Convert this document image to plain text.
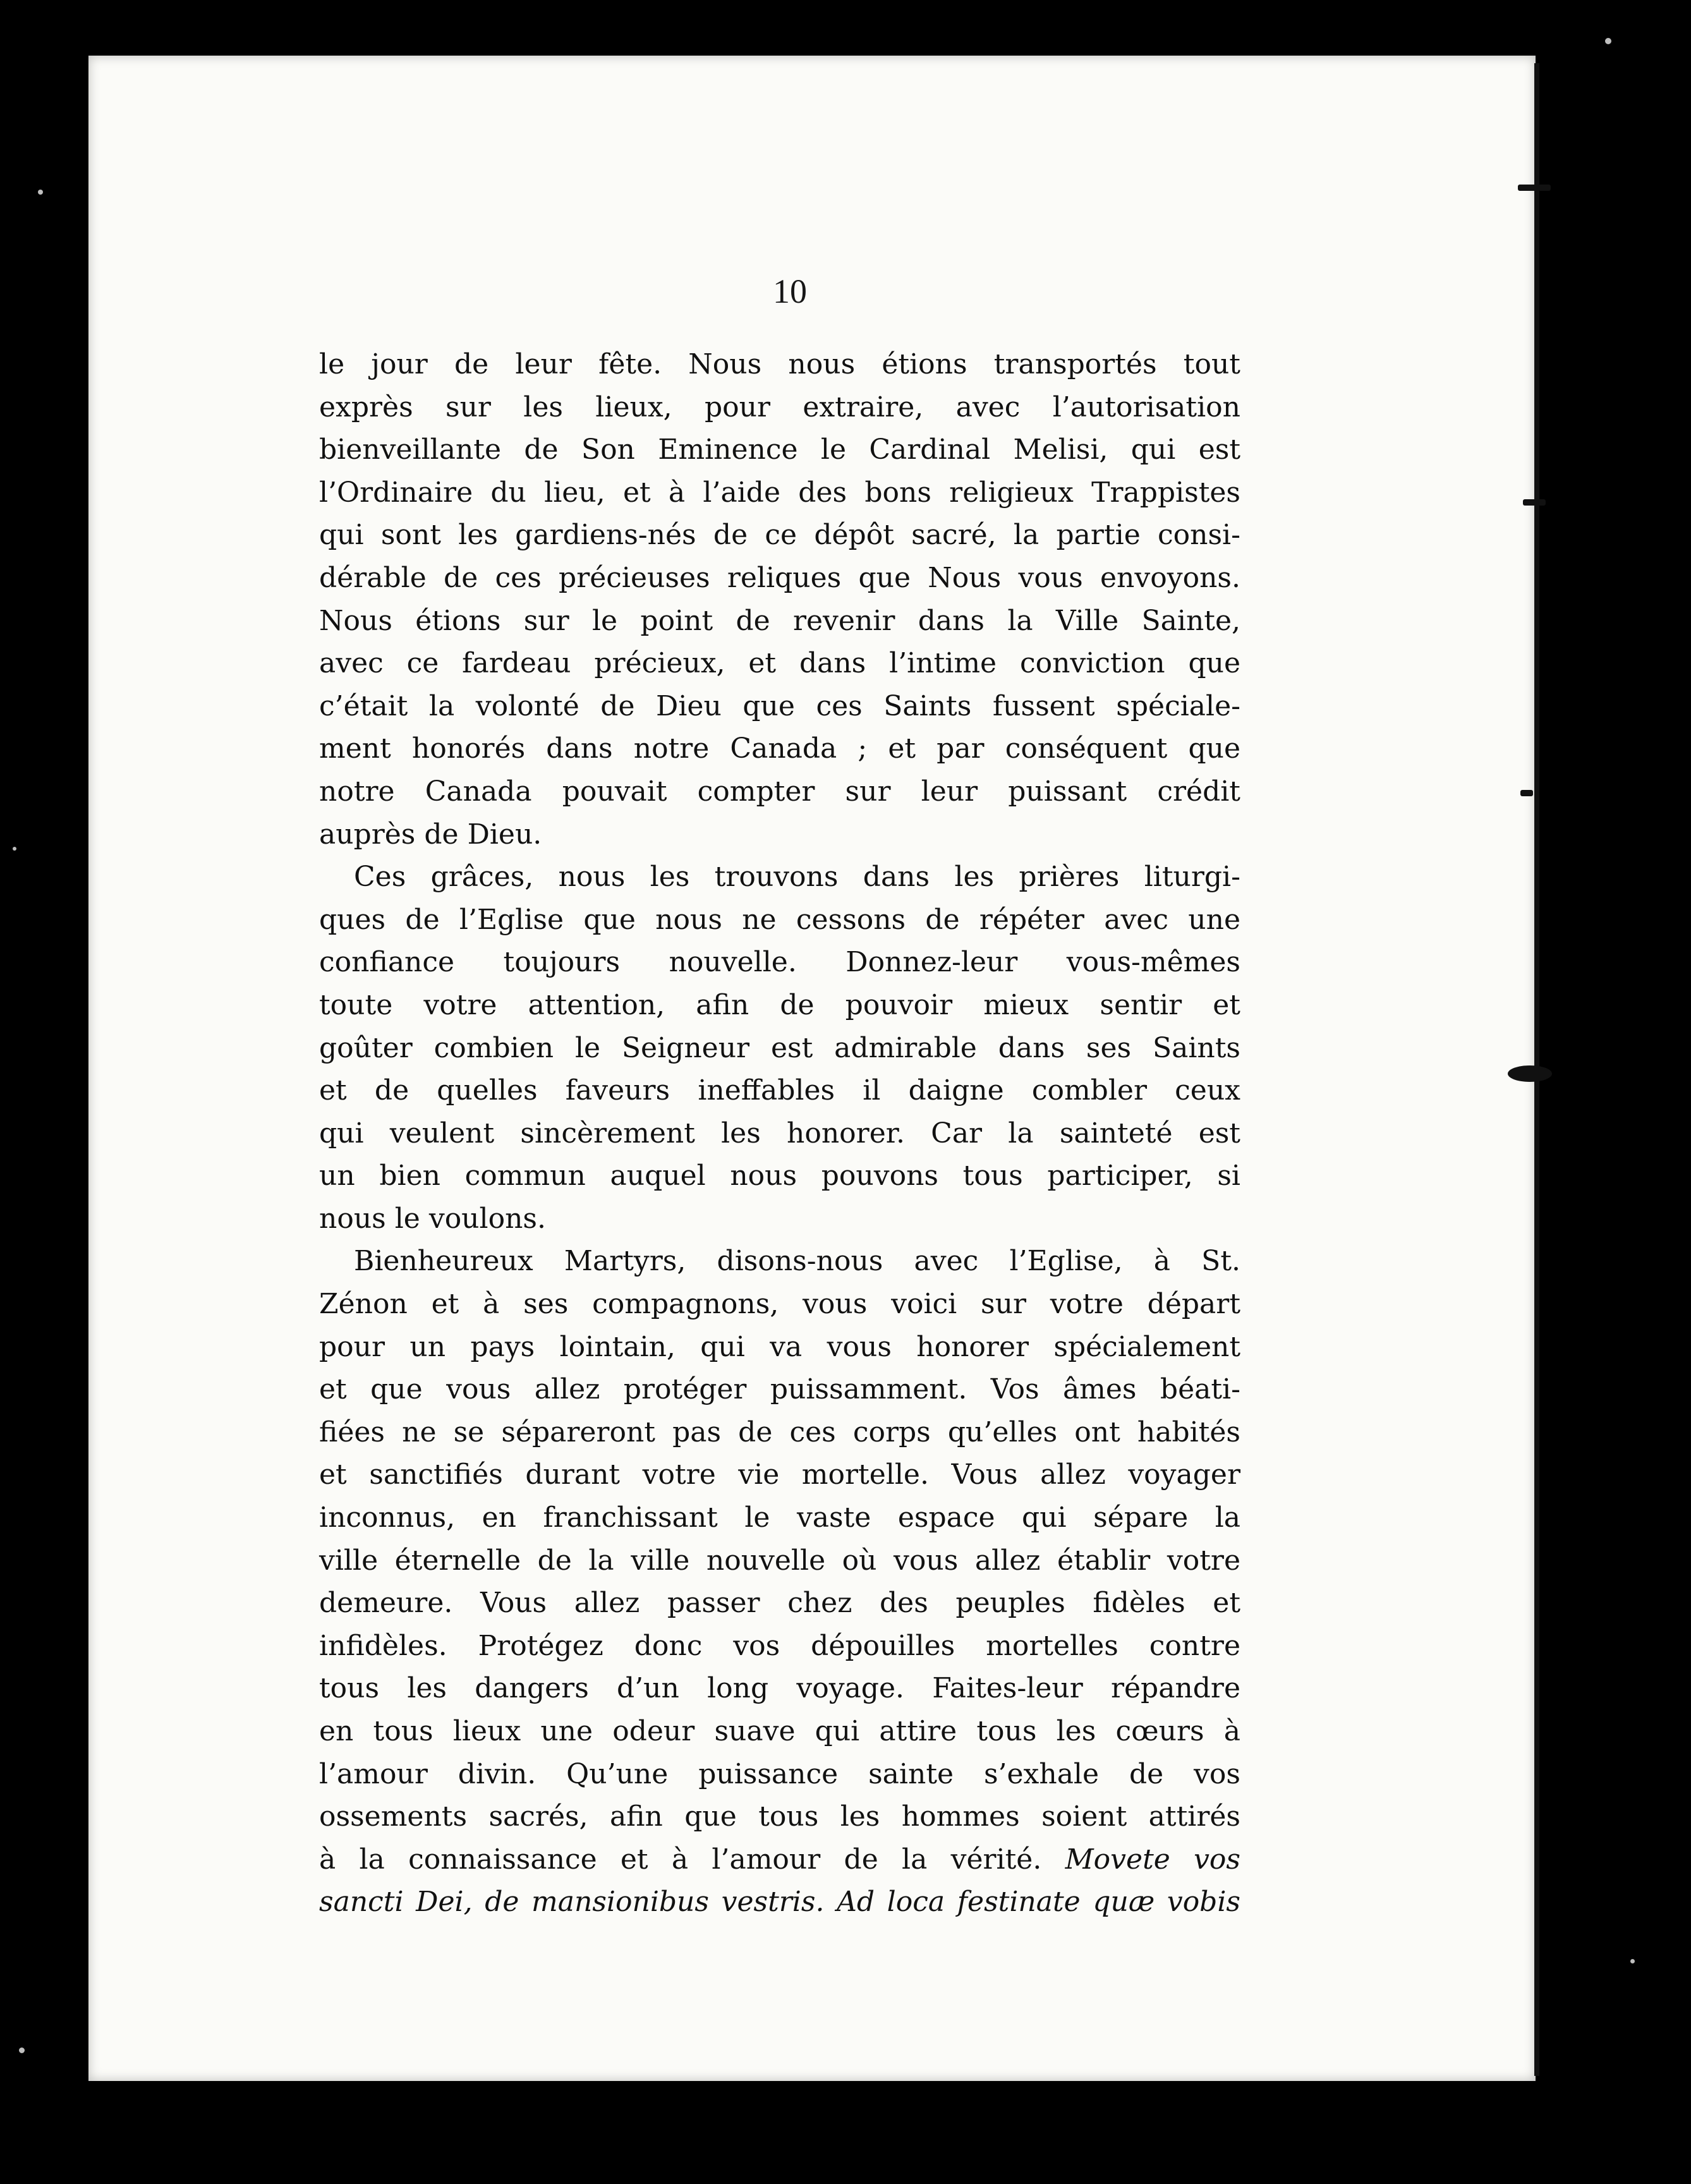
10
le jour de leur fête. Nous nous étions transportés tout
exprès sur les lieux, pour extraire, avec l’autorisation
bienveillante de Son Eminence le Cardinal Melisi, qui est
l’Ordinaire du lieu, et à l’aide des bons religieux Trappistes
qui sont les gardiens-nés de ce dépôt sacré, la partie consi-
dérable de ces précieuses reliques que Nous vous envoyons.
Nous étions sur le point de revenir dans la Ville Sainte,
avec ce fardeau précieux, et dans l’intime conviction que
c’était la volonté de Dieu que ces Saints fussent spéciale-
ment honorés dans notre Canada ; et par conséquent que
notre Canada pouvait compter sur leur puissant crédit
auprès de Dieu.
Ces grâces, nous les trouvons dans les prières liturgi-
ques de l’Eglise que nous ne cessons de répéter avec une
confiance toujours nouvelle. Donnez-leur vous-mêmes
toute votre attention, afin de pouvoir mieux sentir et
goûter combien le Seigneur est admirable dans ses Saints
et de quelles faveurs ineffables il daigne combler ceux
qui veulent sincèrement les honorer. Car la sainteté est
un bien commun auquel nous pouvons tous participer, si
nous le voulons.
Bienheureux Martyrs, disons-nous avec l’Eglise, à St.
Zénon et à ses compagnons, vous voici sur votre départ
pour un pays lointain, qui va vous honorer spécialement
et que vous allez protéger puissamment. Vos âmes béati-
fiées ne se sépareront pas de ces corps qu’elles ont habités
et sanctifiés durant votre vie mortelle. Vous allez voyager
inconnus, en franchissant le vaste espace qui sépare la
ville éternelle de la ville nouvelle où vous allez établir votre
demeure. Vous allez passer chez des peuples fidèles et
infidèles. Protégez donc vos dépouilles mortelles contre
tous les dangers d’un long voyage. Faites-leur répandre
en tous lieux une odeur suave qui attire tous les cœurs à
l’amour divin. Qu’une puissance sainte s’exhale de vos
ossements sacrés, afin que tous les hommes soient attirés
à la connaissance et à l’amour de la vérité. Movete vos
sancti Dei, de mansionibus vestris. Ad loca festinate quæ vobis
